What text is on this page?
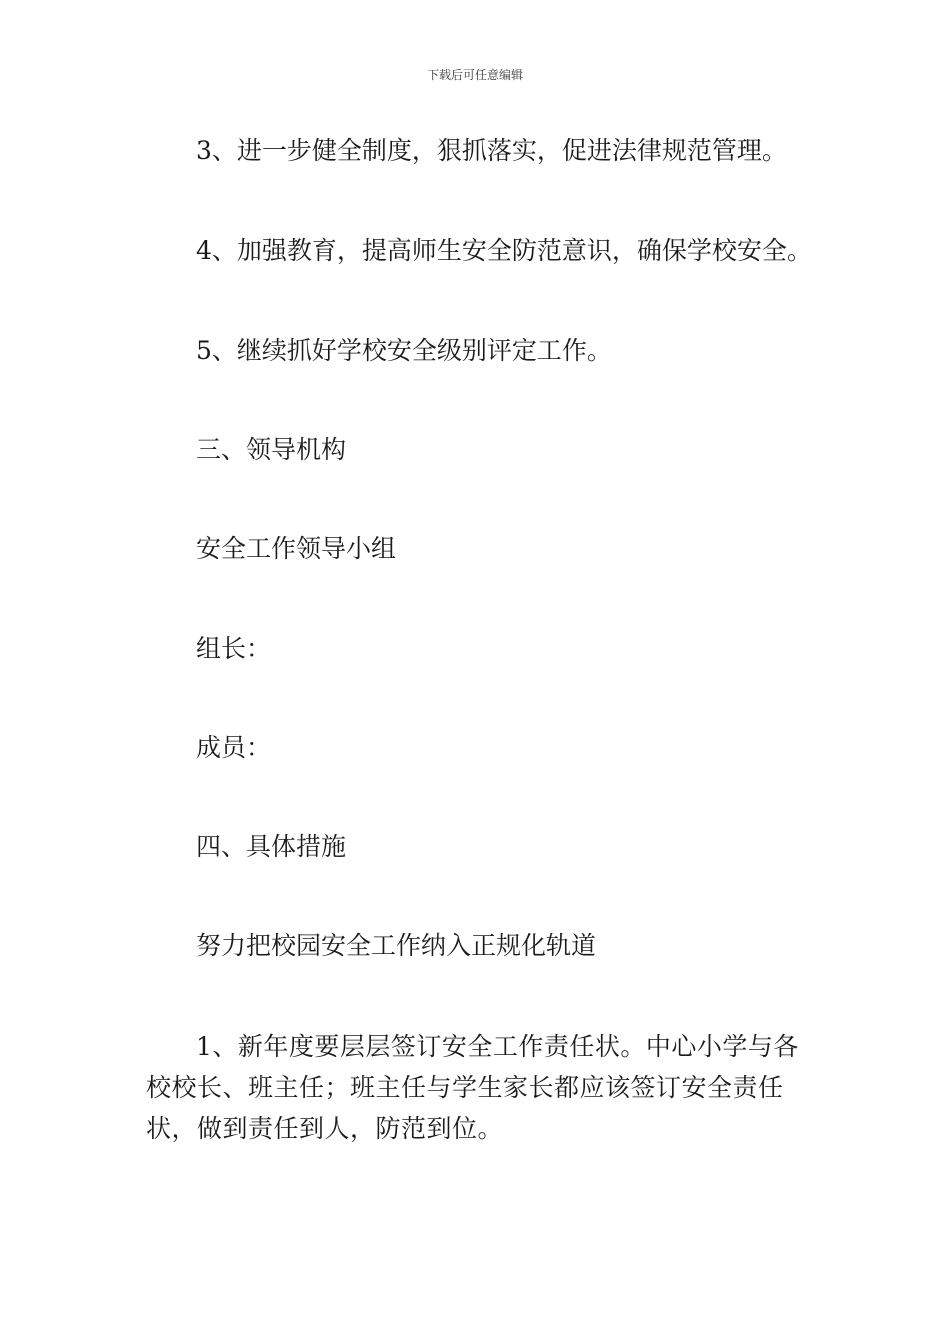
下载后可任意编辑

3、进一步健全制度，狠抓落实，促进法律规范管理。

4、加强教育，提高师生安全防范意识，确保学校安全。

5、继续抓好学校安全级别评定工作。

三、领导机构

安全工作领导小组

组长：

成员：

四、具体措施

努力把校园安全工作纳入正规化轨道

1、新年度要层层签订安全工作责任状。中心小学与各
校校长、班主任；班主任与学生家长都应该签订安全责任
状，做到责任到人，防范到位。
